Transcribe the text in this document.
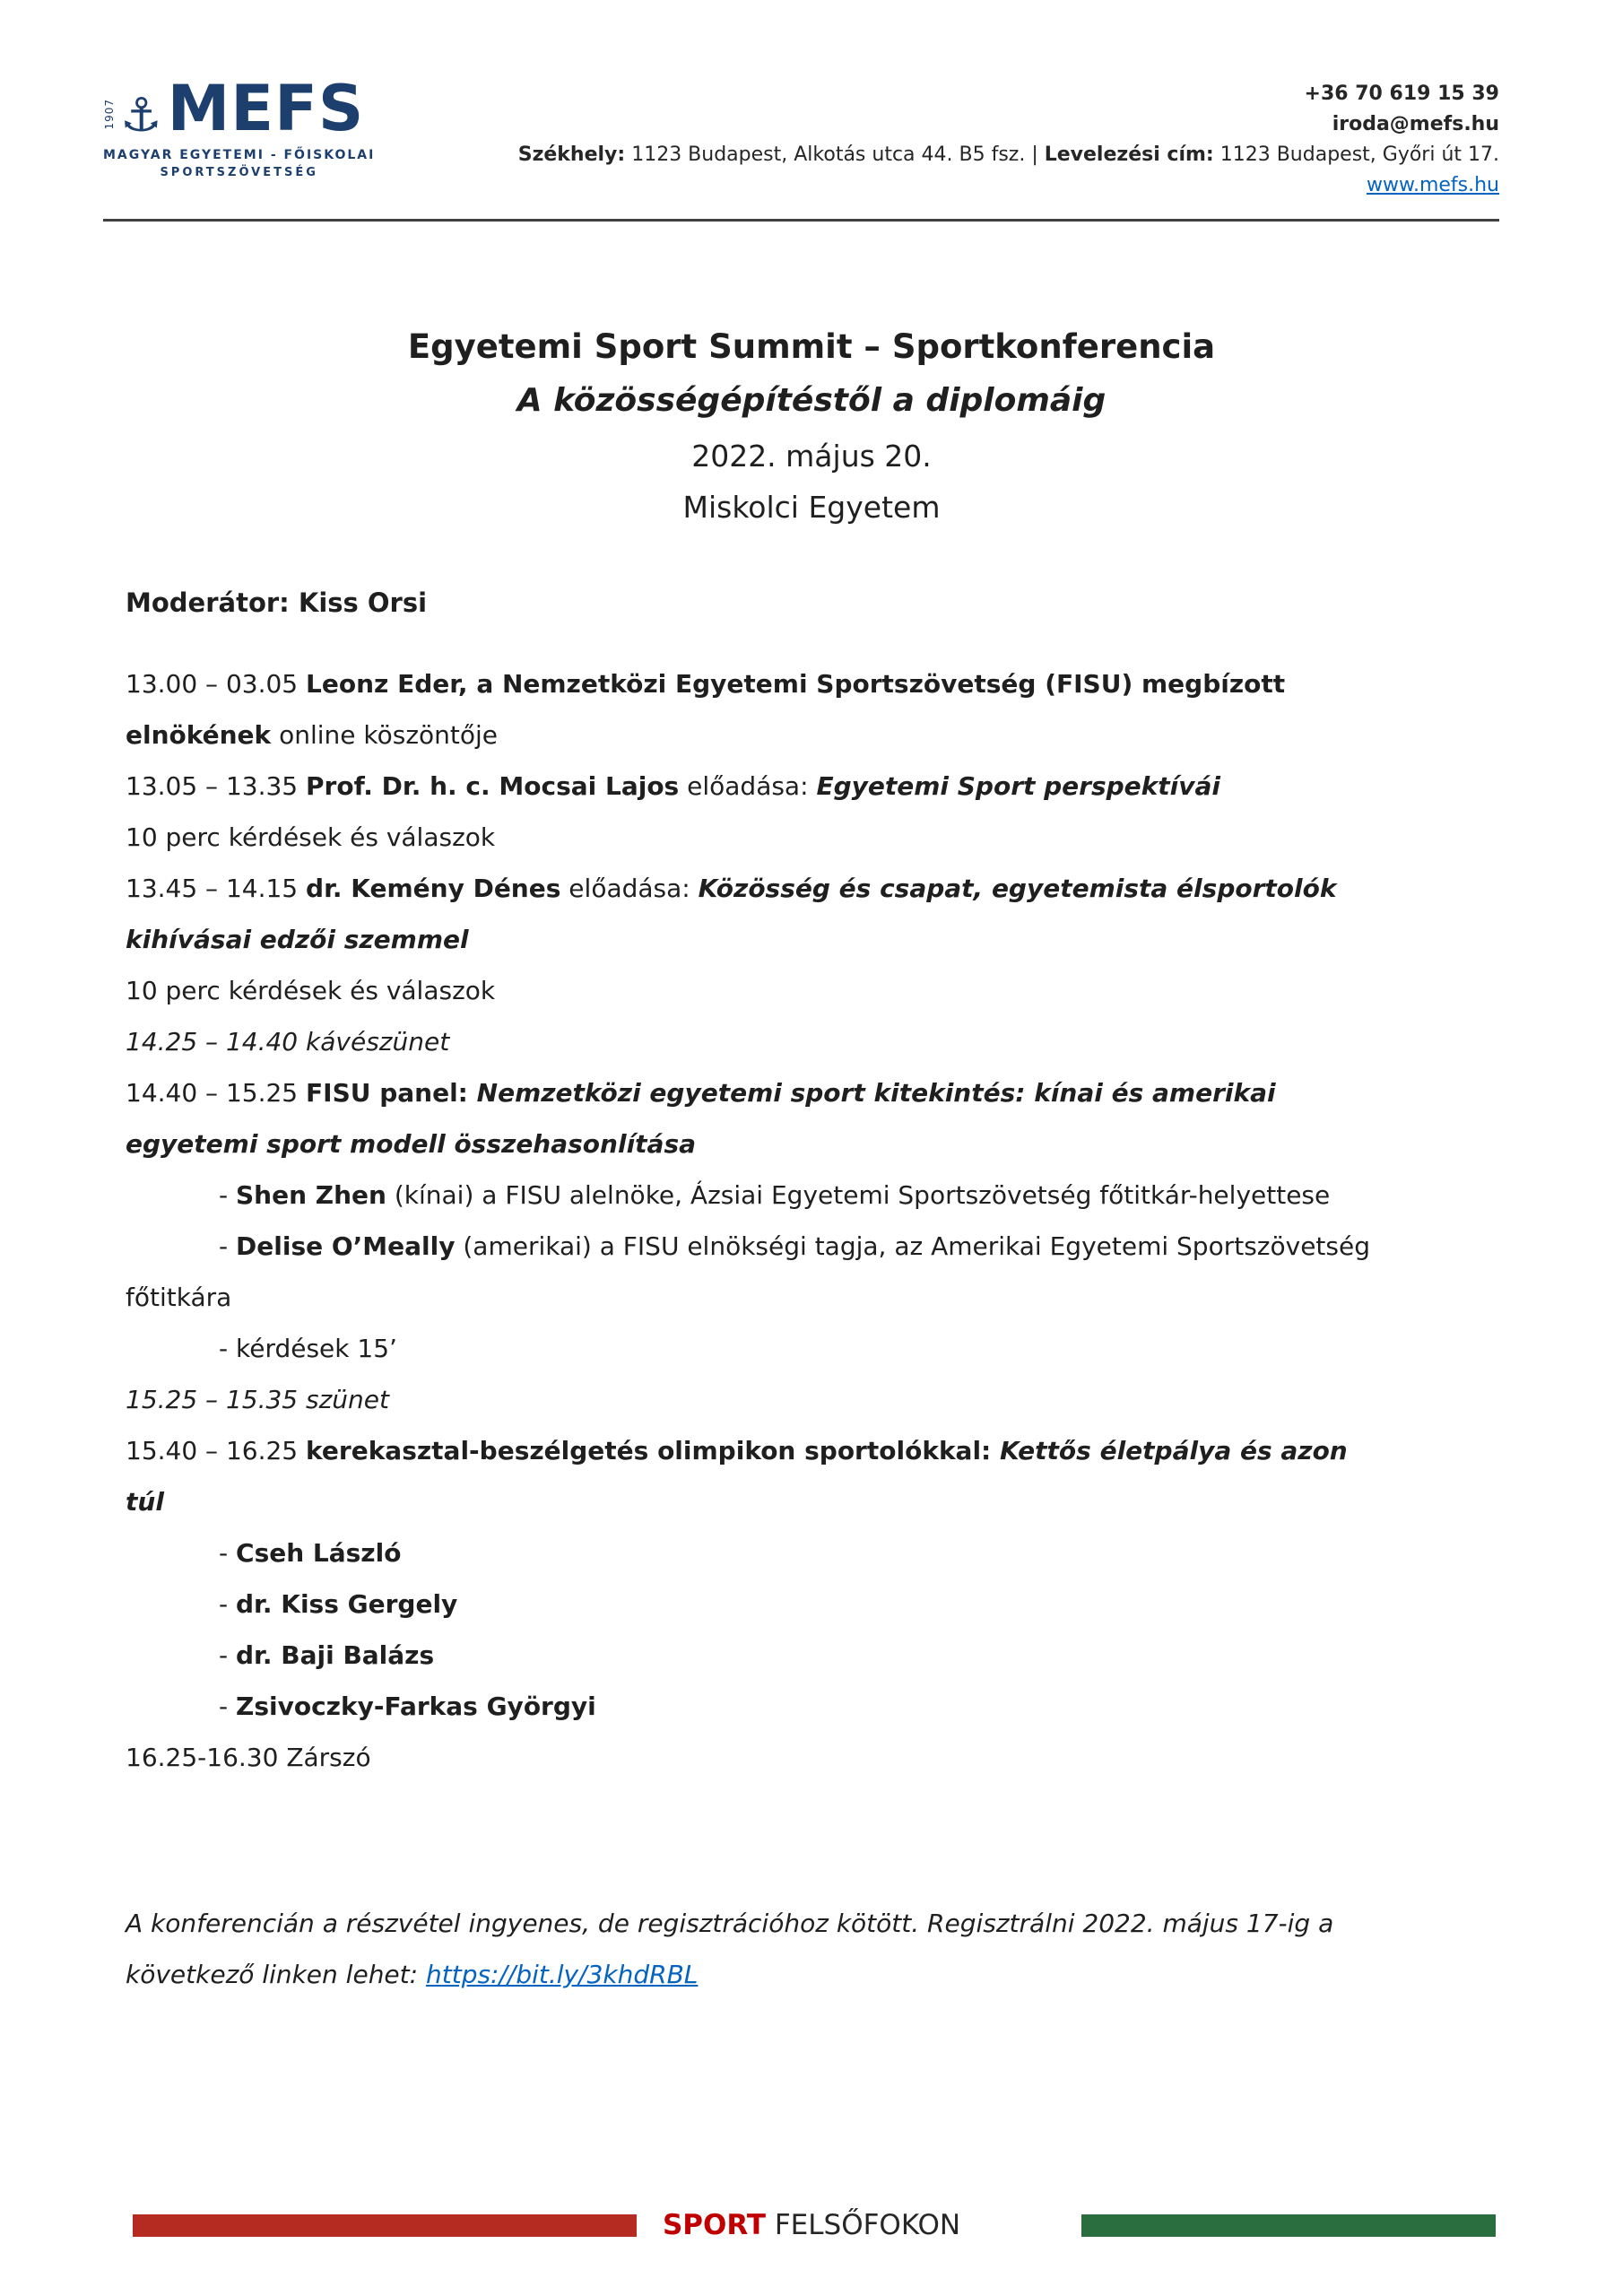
1907 ⚓ MEFS
MAGYAR EGYETEMI - FŐISKOLAI
SPORTSZÖVETSÉG
+36 70 619 15 39
iroda@mefs.hu
Székhely: 1123 Budapest, Alkotás utca 44. B5 fsz. | Levelezési cím: 1123 Budapest, Győri út 17.
www.mefs.hu
Egyetemi Sport Summit – Sportkonferencia
A közösségépítéstől a diplomáig
2022. május 20.
Miskolci Egyetem

Moderátor: Kiss Orsi

13.00 – 03.05 Leonz Eder, a Nemzetközi Egyetemi Sportszövetség (FISU) megbízott
elnökének online köszöntője
13.05 – 13.35 Prof. Dr. h. c. Mocsai Lajos előadása: Egyetemi Sport perspektívái
10 perc kérdések és válaszok
13.45 – 14.15 dr. Kemény Dénes előadása: Közösség és csapat, egyetemista élsportolók
kihívásai edzői szemmel
10 perc kérdések és válaszok
14.25 – 14.40 kávészünet
14.40 – 15.25 FISU panel: Nemzetközi egyetemi sport kitekintés: kínai és amerikai
egyetemi sport modell összehasonlítása
- Shen Zhen (kínai) a FISU alelnöke, Ázsiai Egyetemi Sportszövetség főtitkár-helyettese
- Delise O’Meally (amerikai) a FISU elnökségi tagja, az Amerikai Egyetemi Sportszövetség
főtitkára
- kérdések 15’
15.25 – 15.35 szünet
15.40 – 16.25 kerekasztal-beszélgetés olimpikon sportolókkal: Kettős életpálya és azon
túl
- Cseh László
- dr. Kiss Gergely
- dr. Baji Balázs
- Zsivoczky-Farkas Györgyi
16.25-16.30 Zárszó
A konferencián a részvétel ingyenes, de regisztrációhoz kötött. Regisztrálni 2022. május 17-ig a
következő linken lehet: https://bit.ly/3khdRBL
SPORT FELSŐFOKON
